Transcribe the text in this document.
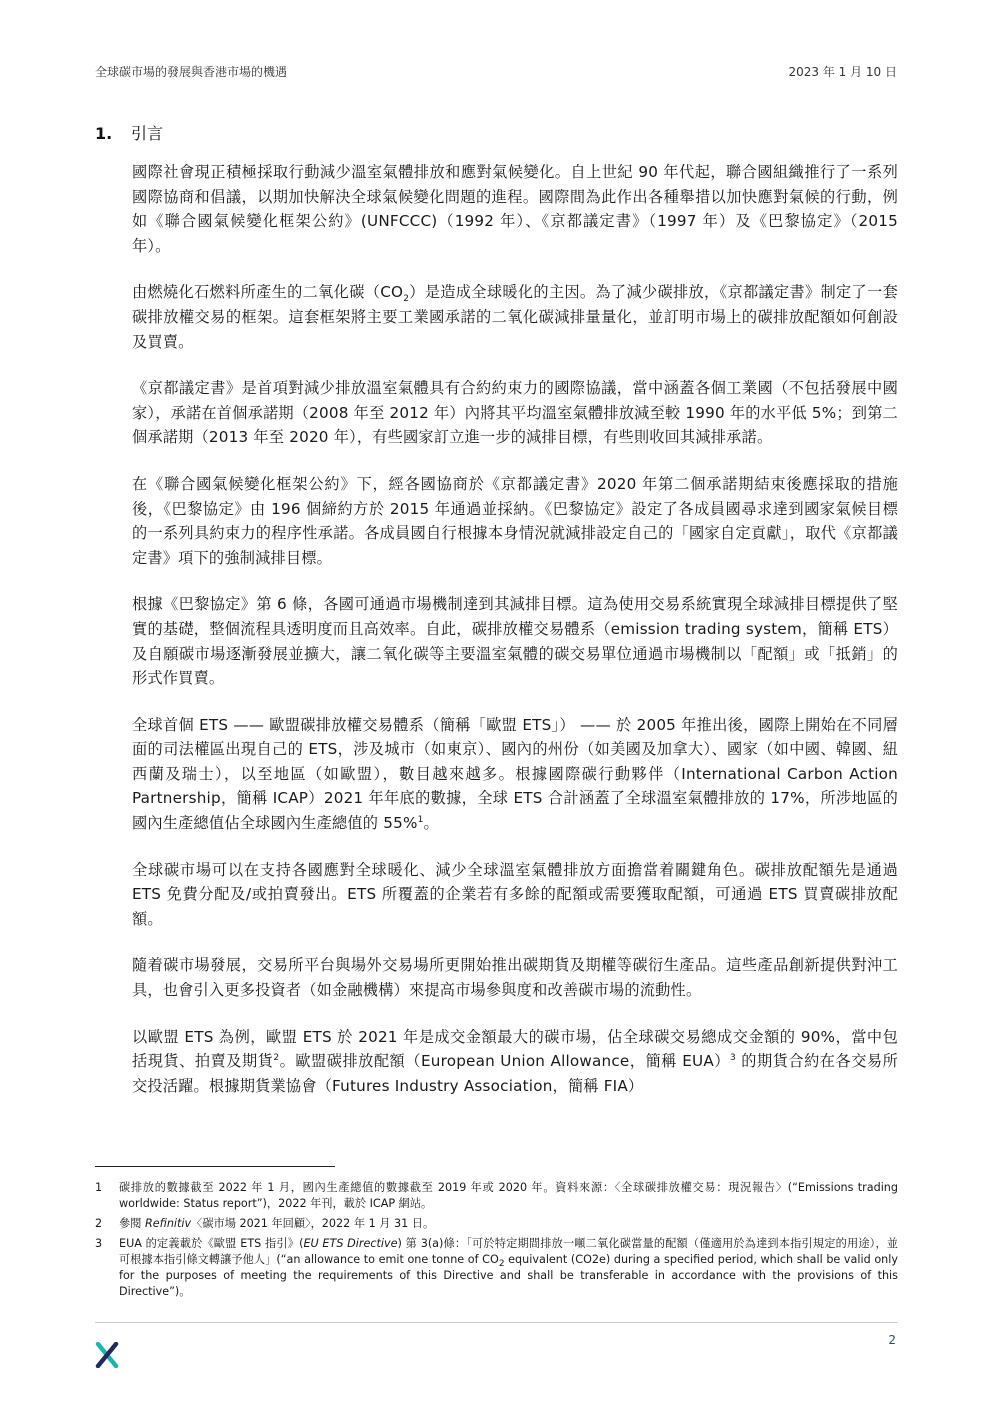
全球碳市場的發展與香港市場的機遇	2023 年 1 月 10 日
1. 引言

國際社會現正積極採取行動減少溫室氣體排放和應對氣候變化。自上世紀 90 年代起，聯合國組織推行了一系列國際協商和倡議，以期加快解決全球氣候變化問題的進程。國際間為此作出各種舉措以加快應對氣候的行動，例如《聯合國氣候變化框架公約》(UNFCCC)（1992 年）、《京都議定書》（1997 年）及《巴黎協定》（2015 年）。

由燃燒化石燃料所產生的二氧化碳$(CO_2)$是造成全球暖化的主因。為了減少碳排放，《京都議定書》制定了一套碳排放權交易的框架。這套框架將主要工業國承諾的二氧化碳減排量量化，並訂明市場上的碳排放配額如何創設及買賣。

《京都議定書》是首項對減少排放溫室氣體具有合約約束力的國際協議，當中涵蓋各個工業國（不包括發展中國家），承諾在首個承諾期（2008 年至 2012 年）內將其平均溫室氣體排放減至較 1990 年的水平低 5%；到第二個承諾期（2013 年至 2020 年），有些國家訂立進一步的減排目標，有些則收回其減排承諾。

在《聯合國氣候變化框架公約》下，經各國協商於《京都議定書》2020 年第二個承諾期結束後應採取的措施後，《巴黎協定》由 196 個締約方於 2015 年通過並採納。《巴黎協定》設定了各成員國尋求達到國家氣候目標的一系列具約束力的程序性承諾。各成員國自行根據本身情況就減排設定自己的「國家自定貢獻」，取代《京都議定書》項下的強制減排目標。

根據《巴黎協定》第 6 條，各國可通過市場機制達到其減排目標。這為使用交易系統實現全球減排目標提供了堅實的基礎，整個流程具透明度而且高效率。自此，碳排放權交易體系（emission trading system，簡稱 ETS）及自願碳市場逐漸發展並擴大，讓二氧化碳等主要溫室氣體的碳交易單位通過市場機制以「配額」或「抵銷」的形式作買賣。

全球首個 ETS —— 歐盟碳排放權交易體系（簡稱「歐盟 ETS」） —— 於 2005 年推出後，國際上開始在不同層面的司法權區出現自己的 ETS，涉及城市（如東京）、國內的州份（如美國及加拿大）、國家（如中國、韓國、紐西蘭及瑞士），以至地區（如歐盟），數目越來越多。根據國際碳行動夥伴（International Carbon Action Partnership，簡稱 ICAP）2021 年年底的數據，全球 ETS 合計涵蓋了全球溫室氣體排放的 17%，所涉地區的國內生產總值佔全球國內生產總值的 55%$^1$。

全球碳市場可以在支持各國應對全球暖化、減少全球溫室氣體排放方面擔當着關鍵角色。碳排放配額先是通過 ETS 免費分配及/或拍賣發出。ETS 所覆蓋的企業若有多餘的配額或需要獲取配額，可通過 ETS 買賣碳排放配額。

隨着碳市場發展，交易所平台與場外交易場所更開始推出碳期貨及期權等碳衍生產品。這些產品創新提供對沖工具，也會引入更多投資者（如金融機構）來提高市場參與度和改善碳市場的流動性。

以歐盟 ETS 為例，歐盟 ETS 於 2021 年是成交金額最大的碳市場，佔全球碳交易總成交金額的 90%，當中包括現貨、拍賣及期貨$^2$。歐盟碳排放配額（European Union Allowance，簡稱 EUA）$^3$ 的期貨合約在各交易所交投活躍。根據期貨業協會（Futures Industry Association，簡稱 FIA）

1	碳排放的數據截至 2022 年 1 月，國內生產總值的數據截至 2019 年或 2020 年。資料來源：〈全球碳排放權交易：現況報告〉(“Emissions trading worldwide: Status report”)，2022 年刊，載於 ICAP 網站。
2	參閱 Refinitiv〈碳市場 2021 年回顧〉，2022 年 1 月 31 日。
3	EUA 的定義載於《歐盟 ETS 指引》(EU ETS Directive) 第 3(a)條：「可於特定期間排放一噸二氧化碳當量的配額（僅適用於為達到本指引規定的用途），並可根據本指引條文轉讓予他人」(“an allowance to emit one tonne of $CO_2$ equivalent (CO2e) during a specified period, which shall be valid only for the purposes of meeting the requirements of this Directive and shall be transferable in accordance with the provisions of this Directive”)。
2
